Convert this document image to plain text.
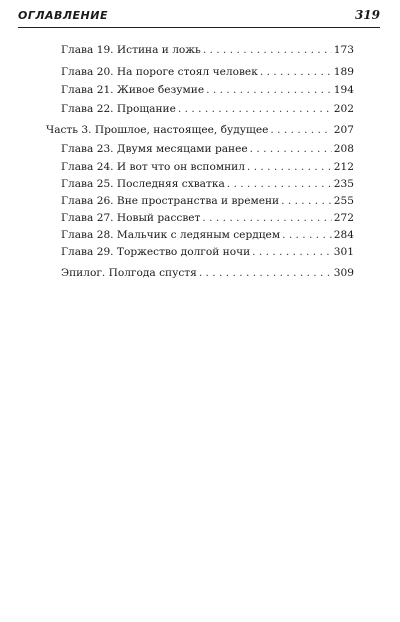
ОГЛАВЛЕНИЕ	319
Глава 19. Истина и ложь . . .	173
Глава 20. На пороге стоял человек . . .	189
Глава 21. Живое безумие . . .	194
Глава 22. Прощание . . .	202
Часть 3. Прошлое, настоящее, будущее . . .	207
Глава 23. Двумя месяцами ранее . . .	208
Глава 24. И вот что он вспомнил . . .	212
Глава 25. Последняя схватка . . .	235
Глава 26. Вне пространства и времени . . .	255
Глава 27. Новый рассвет . . .	272
Глава 28. Мальчик с ледяным сердцем . . .	284
Глава 29. Торжество долгой ночи . . .	301
Эпилог. Полгода спустя . . .	309
